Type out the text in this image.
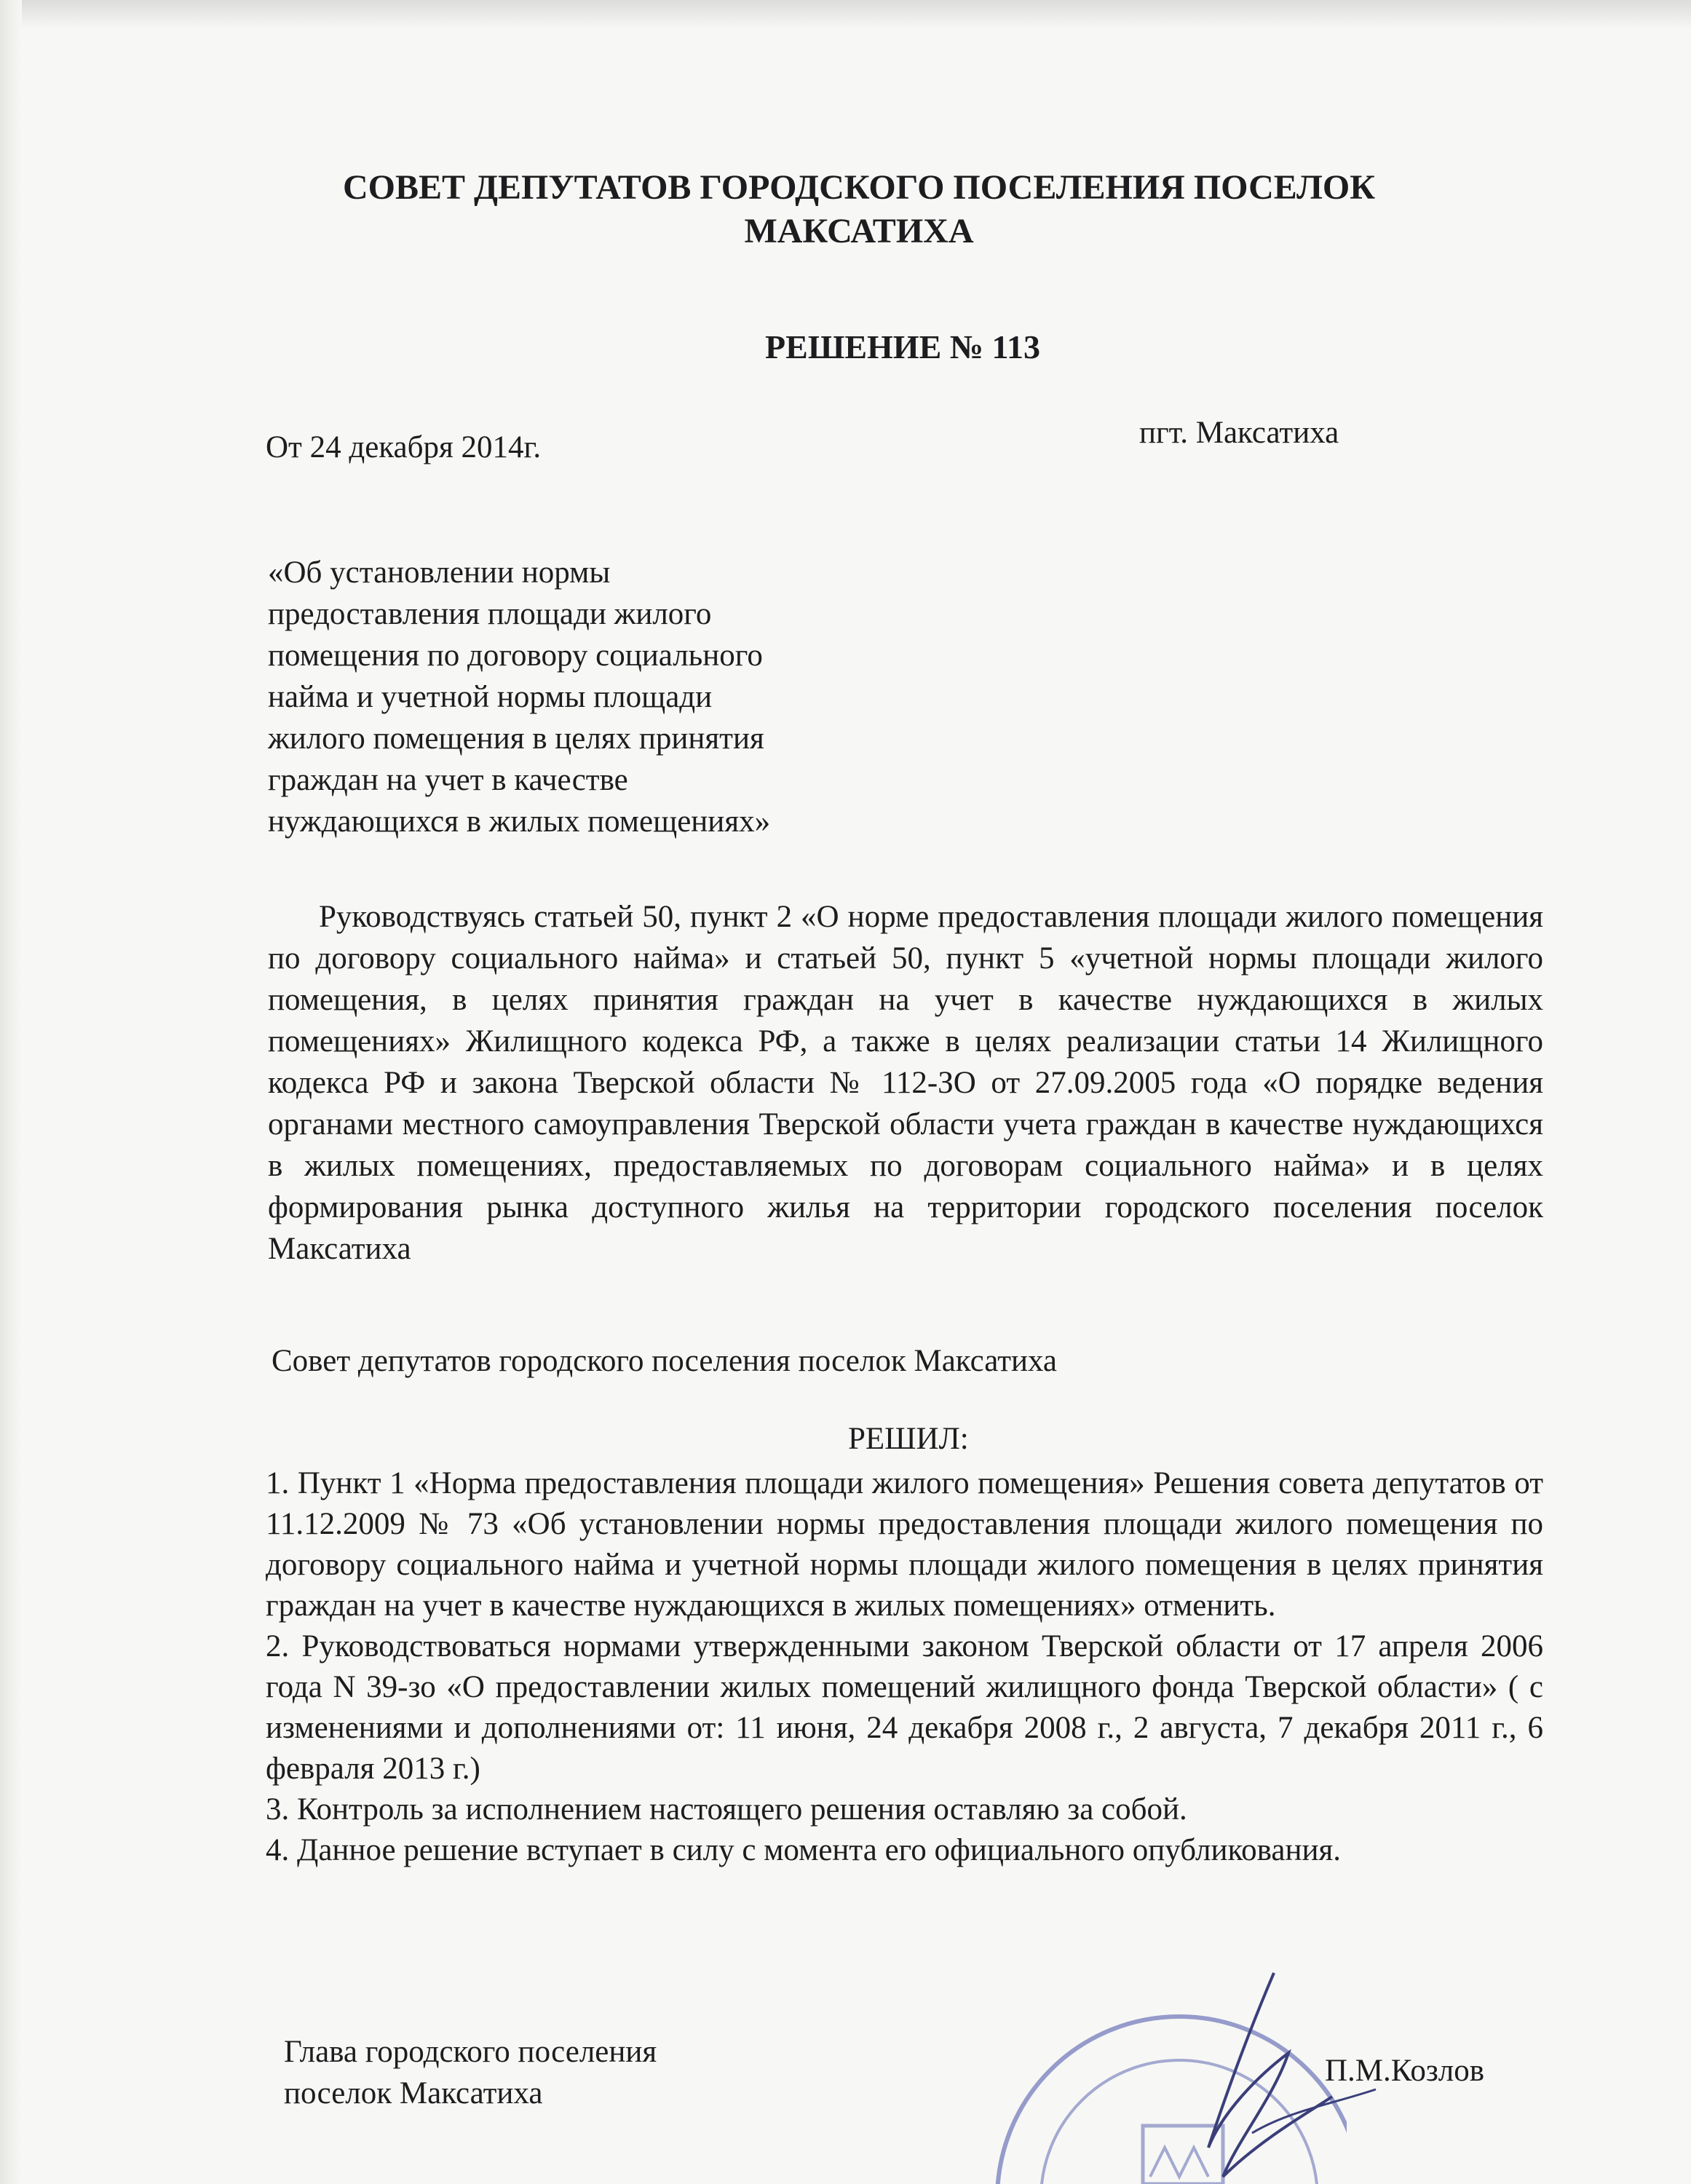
СОВЕТ ДЕПУТАТОВ ГОРОДСКОГО ПОСЕЛЕНИЯ ПОСЕЛОК
МАКСАТИХА
РЕШЕНИЕ № 113
От 24 декабря 2014г.	пгт. Максатиха
«Об установлении нормы
предоставления площади жилого
помещения по договору социального
найма и учетной нормы площади
жилого помещения в целях принятия
граждан на учет в качестве
нуждающихся в жилых помещениях»

Руководствуясь статьей 50, пункт 2 «О норме предоставления площади жилого помещения по договору социального найма» и статьей 50, пункт 5 «учетной нормы площади жилого помещения, в целях принятия граждан на учет в качестве нуждающихся в жилых помещениях» Жилищного кодекса РФ, а также в целях реализации статьи 14 Жилищного кодекса РФ и закона Тверской области № 112-ЗО от 27.09.2005 года «О порядке ведения органами местного самоуправления Тверской области учета граждан в качестве нуждающихся в жилых помещениях, предоставляемых по договорам социального найма» и в целях формирования рынка доступного жилья на территории городского поселения поселок Максатиха

Совет депутатов городского поселения поселок Максатиха
РЕШИЛ:

1. Пункт 1 «Норма предоставления площади жилого помещения» Решения совета депутатов от 11.12.2009 № 73 «Об установлении нормы предоставления площади жилого помещения по договору социального найма и учетной нормы площади жилого помещения в целях принятия граждан на учет в качестве нуждающихся в жилых помещениях» отменить.

2. Руководствоваться нормами утвержденными законом Тверской области от 17 апреля 2006 года N 39-зо «О предоставлении жилых помещений жилищного фонда Тверской области» ( с изменениями и дополнениями от: 11 июня, 24 декабря 2008 г., 2 августа, 7 декабря 2011 г., 6 февраля 2013 г.)

3. Контроль за исполнением настоящего решения оставляю за собой.

4. Данное решение вступает в силу с момента его официального опубликования.

Глава городского поселения
поселок Максатиха
П.М.Козлов
